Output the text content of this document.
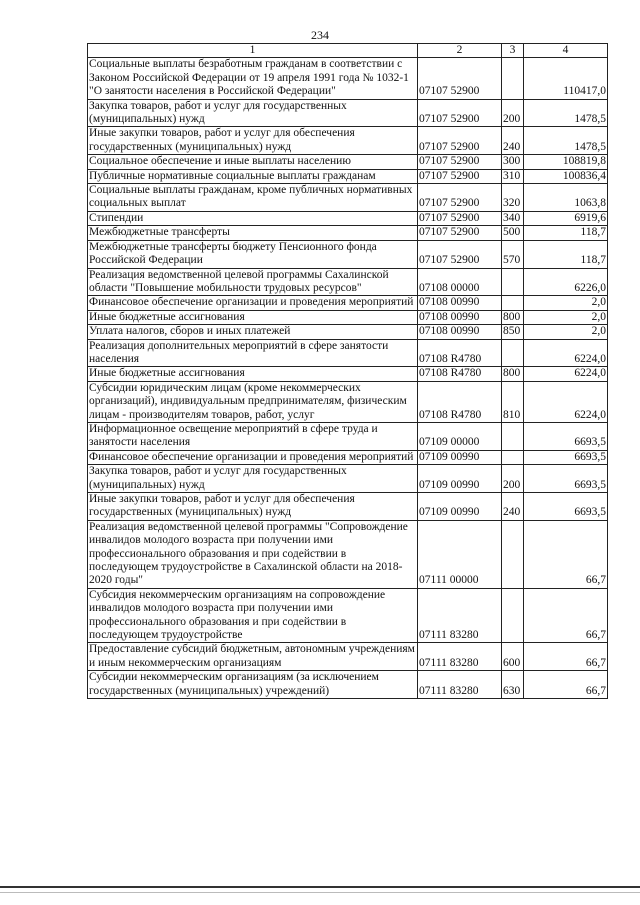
234
1	2	3	4
Социальные выплаты безработным гражданам в соответствии с Законом Российской Федерации от 19 апреля 1991 года № 1032-1 "О занятости населения в Российской Федерации"	07107 52900		110417,0
Закупка товаров, работ и услуг для государственных (муниципальных) нужд	07107 52900	200	1478,5
Иные закупки товаров, работ и услуг для обеспечения государственных (муниципальных) нужд	07107 52900	240	1478,5
Социальное обеспечение и иные выплаты населению	07107 52900	300	108819,8
Публичные нормативные социальные выплаты гражданам	07107 52900	310	100836,4
Социальные выплаты гражданам, кроме публичных нормативных социальных выплат	07107 52900	320	1063,8
Стипендии	07107 52900	340	6919,6
Межбюджетные трансферты	07107 52900	500	118,7
Межбюджетные трансферты бюджету Пенсионного фонда Российской Федерации	07107 52900	570	118,7
Реализация ведомственной целевой программы Сахалинской области "Повышение мобильности трудовых ресурсов"	07108 00000		6226,0
Финансовое обеспечение организации и проведения мероприятий	07108 00990		2,0
Иные бюджетные ассигнования	07108 00990	800	2,0
Уплата налогов, сборов и иных платежей	07108 00990	850	2,0
Реализация дополнительных мероприятий в сфере занятости населения	07108 R4780		6224,0
Иные бюджетные ассигнования	07108 R4780	800	6224,0
Субсидии юридическим лицам (кроме некоммерческих организаций), индивидуальным предпринимателям, физическим лицам - производителям товаров, работ, услуг	07108 R4780	810	6224,0
Информационное освещение мероприятий в сфере труда и занятости населения	07109 00000		6693,5
Финансовое обеспечение организации и проведения мероприятий	07109 00990		6693,5
Закупка товаров, работ и услуг для государственных (муниципальных) нужд	07109 00990	200	6693,5
Иные закупки товаров, работ и услуг для обеспечения государственных (муниципальных) нужд	07109 00990	240	6693,5
Реализация ведомственной целевой программы "Сопровождение инвалидов молодого возраста при получении ими профессионального образования и при содействии в последующем трудоустройстве в Сахалинской области на 2018-2020 годы"	07111 00000		66,7
Субсидия некоммерческим организациям на сопровождение инвалидов молодого возраста при получении ими профессионального образования и при содействии в последующем трудоустройстве	07111 83280		66,7
Предоставление субсидий бюджетным, автономным учреждениям и иным некоммерческим организациям	07111 83280	600	66,7
Субсидии некоммерческим организациям (за исключением государственных (муниципальных) учреждений)	07111 83280	630	66,7
